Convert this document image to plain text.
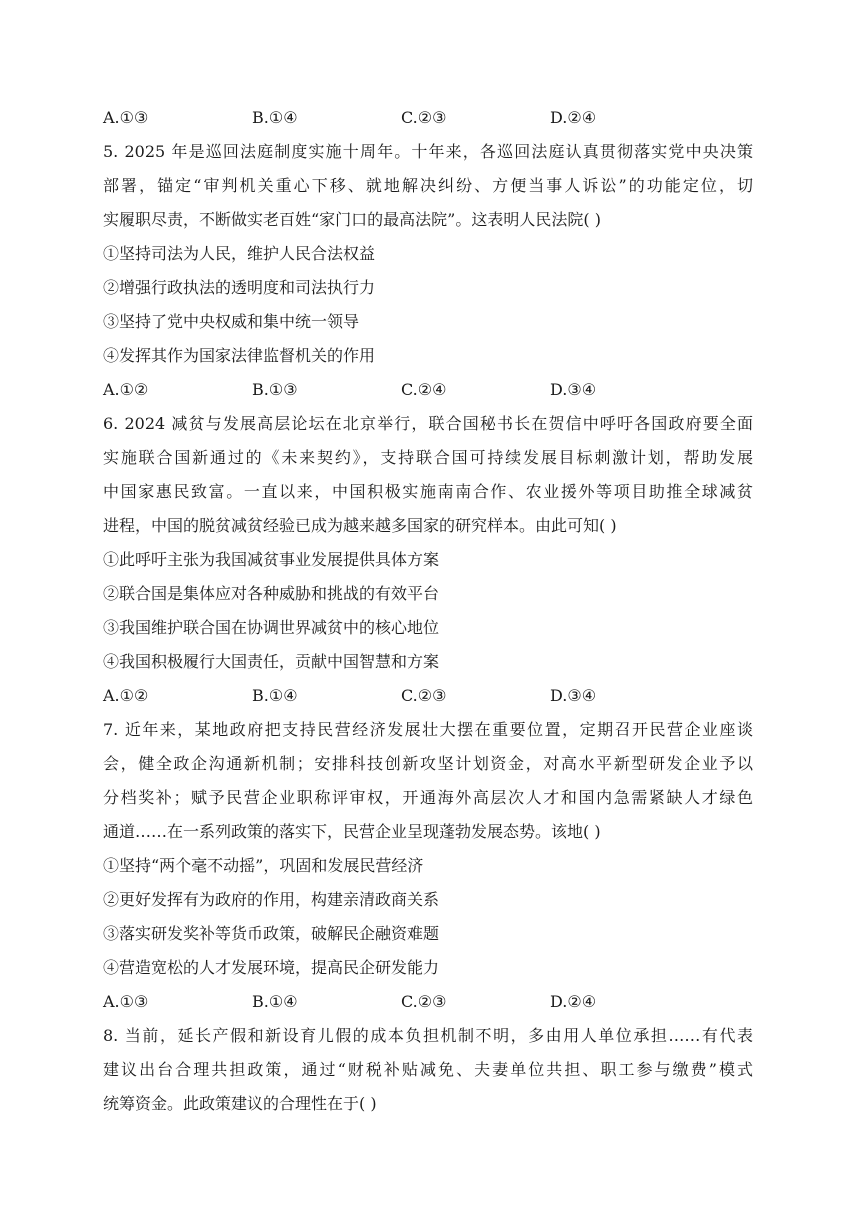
A.①③	B.①④	C.②③	D.②④
5. 2025 年是巡回法庭制度实施十周年。十年来，各巡回法庭认真贯彻落实党中央决策
部署，锚定“审判机关重心下移、就地解决纠纷、方便当事人诉讼”的功能定位，切
实履职尽责，不断做实老百姓“家门口的最高法院”。这表明人民法院( )
①坚持司法为人民，维护人民合法权益
②增强行政执法的透明度和司法执行力
③坚持了党中央权威和集中统一领导
④发挥其作为国家法律监督机关的作用
A.①②	B.①③	C.②④	D.③④
6. 2024 减贫与发展高层论坛在北京举行，联合国秘书长在贺信中呼吁各国政府要全面
实施联合国新通过的《未来契约》，支持联合国可持续发展目标刺激计划，帮助发展
中国家惠民致富。一直以来，中国积极实施南南合作、农业援外等项目助推全球减贫
进程，中国的脱贫减贫经验已成为越来越多国家的研究样本。由此可知( )
①此呼吁主张为我国减贫事业发展提供具体方案
②联合国是集体应对各种威胁和挑战的有效平台
③我国维护联合国在协调世界减贫中的核心地位
④我国积极履行大国责任，贡献中国智慧和方案
A.①②	B.①④	C.②③	D.③④
7. 近年来，某地政府把支持民营经济发展壮大摆在重要位置，定期召开民营企业座谈
会，健全政企沟通新机制；安排科技创新攻坚计划资金，对高水平新型研发企业予以
分档奖补；赋予民营企业职称评审权，开通海外高层次人才和国内急需紧缺人才绿色
通道……在一系列政策的落实下，民营企业呈现蓬勃发展态势。该地( )
①坚持“两个毫不动摇”，巩固和发展民营经济
②更好发挥有为政府的作用，构建亲清政商关系
③落实研发奖补等货币政策，破解民企融资难题
④营造宽松的人才发展环境，提高民企研发能力
A.①③	B.①④	C.②③	D.②④
8. 当前，延长产假和新设育儿假的成本负担机制不明，多由用人单位承担……有代表
建议出台合理共担政策，通过“财税补贴减免、夫妻单位共担、职工参与缴费”模式
统筹资金。此政策建议的合理性在于( )
